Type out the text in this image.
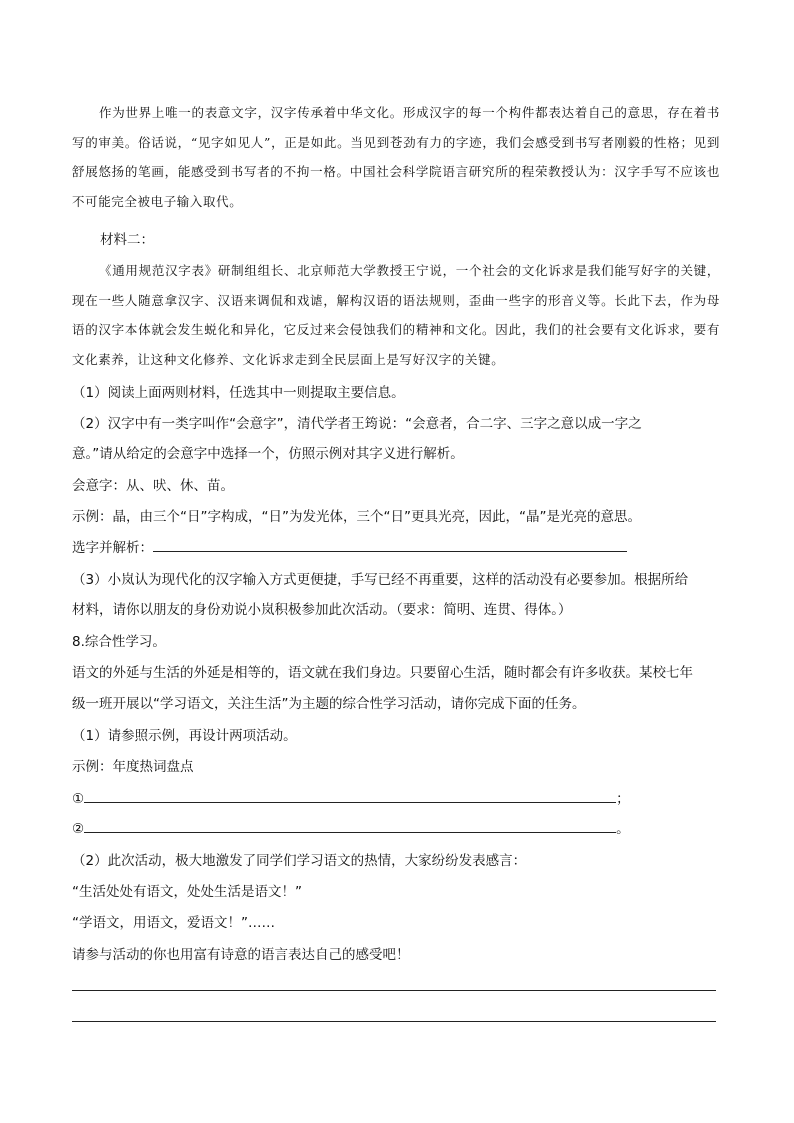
作为世界上唯一的表意文字，汉字传承着中华文化。形成汉字的每一个构件都表达着自己的意思，存在着书写的审美。俗话说，“见字如见人”，正是如此。当见到苍劲有力的字迹，我们会感受到书写者刚毅的性格；见到舒展悠扬的笔画，能感受到书写者的不拘一格。中国社会科学院语言研究所的程荣教授认为：汉字手写不应该也不可能完全被电子输入取代。

材料二：

《通用规范汉字表》研制组组长、北京师范大学教授王宁说，一个社会的文化诉求是我们能写好字的关键，现在一些人随意拿汉字、汉语来调侃和戏谑，解构汉语的语法规则，歪曲一些字的形音义等。长此下去，作为母语的汉字本体就会发生蜕化和异化，它反过来会侵蚀我们的精神和文化。因此，我们的社会要有文化诉求，要有文化素养，让这种文化修养、文化诉求走到全民层面上是写好汉字的关键。

（1）阅读上面两则材料，任选其中一则提取主要信息。
（2）汉字中有一类字叫作“会意字”，清代学者王筠说：“会意者，合二字、三字之意以成一字之
意。”请从给定的会意字中选择一个，仿照示例对其字义进行解析。
会意字：从、吠、休、苗。
示例：晶，由三个“日”字构成，“日”为发光体，三个“日”更具光亮，因此，“晶”是光亮的意思。
选字并解析：
（3）小岚认为现代化的汉字输入方式更便捷，手写已经不再重要，这样的活动没有必要参加。根据所给
材料，请你以朋友的身份劝说小岚积极参加此次活动。（要求：简明、连贯、得体。）
8.综合性学习。
语文的外延与生活的外延是相等的，语文就在我们身边。只要留心生活，随时都会有许多收获。某校七年
级一班开展以“学习语文，关注生活”为主题的综合性学习活动，请你完成下面的任务。
（1）请参照示例，再设计两项活动。
示例：年度热词盘点
①	；
②	。
（2）此次活动，极大地激发了同学们学习语文的热情，大家纷纷发表感言：
“生活处处有语文，处处生活是语文！”
“学语文，用语文，爱语文！”……
请参与活动的你也用富有诗意的语言表达自己的感受吧！
